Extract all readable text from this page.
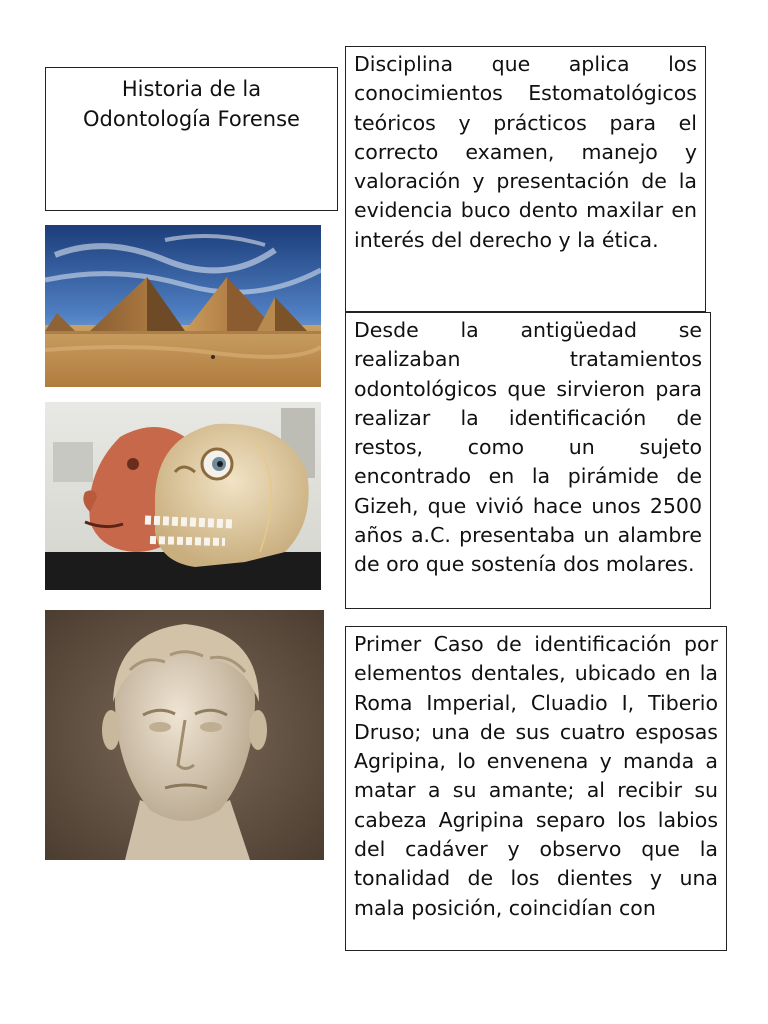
Historia de la
Odontología Forense
Disciplina que aplica los conocimientos Estomatológicos teóricos y prácticos para el correcto examen, manejo y valoración y presentación de la evidencia buco dento maxilar en interés del derecho y la ética.
Desde la antigüedad se realizaban tratamientos odontológicos que sirvieron para realizar la identificación de restos, como un sujeto encontrado en la pirámide de Gizeh, que vivió hace unos 2500 años a.C. presentaba un alambre de oro que sostenía dos molares.
Primer Caso de identificación por elementos dentales, ubicado en la Roma Imperial, Cluadio I, Tiberio Druso; una de sus cuatro esposas Agripina, lo envenena y manda a matar a su amante; al recibir su cabeza Agripina separo los labios del cadáver y observo que la tonalidad de los dientes y una mala posición, coincidían con
